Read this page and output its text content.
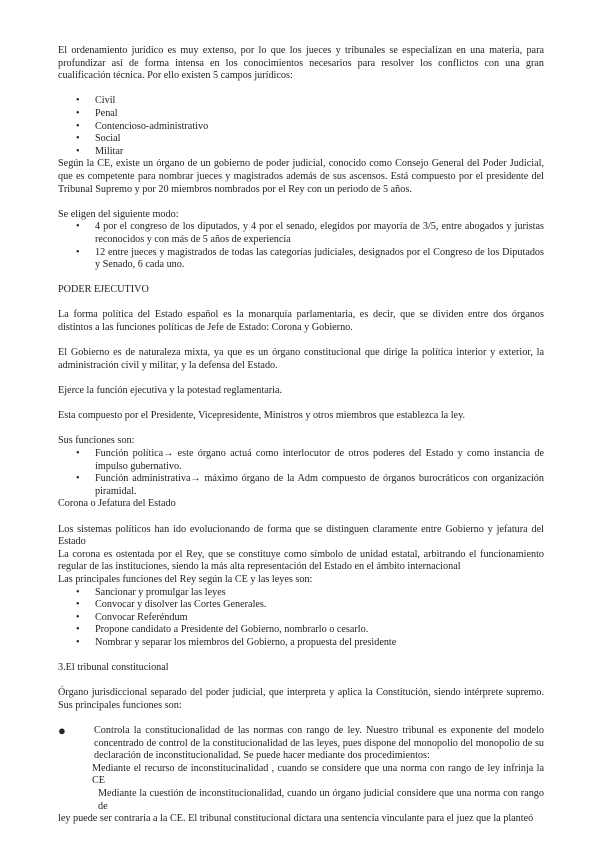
El ordenamiento jurídico es muy extenso, por lo que los jueces y tribunales se especializan en una materia, para profundizar así de forma intensa en los conocimientos necesarios para resolver los conflictos con una gran cualificación técnica. Por ello existen 5 campos jurídicos:

• Civil
• Penal
• Contencioso-administrativo
• Social
• Militar

Según la CE, existe un órgano de un gobierno de poder judicial, conocido como Consejo General del Poder Judicial, que es competente para nombrar jueces y magistrados además de sus ascensos. Está compuesto por el presidente del Tribunal Supremo y por 20 miembros nombrados por el Rey con un periodo de 5 años.

Se eligen del siguiente modo:

• 4 por el congreso de los diputados, y 4 por el senado, elegidos por mayoría de 3/5, entre abogados y juristas reconocidos y con más de 5 años de experiencia
• 12 entre jueces y magistrados de todas las categorías judiciales, designados por el Congreso de los Diputados y Senado, 6 cada uno.

PODER EJECUTIVO

La forma política del Estado español es la monarquía parlamentaria, es decir, que se dividen entre dos órganos distintos a las funciones políticas de Jefe de Estado: Corona y Gobierno.

El Gobierno es de naturaleza mixta, ya que es un órgano constitucional que dirige la política interior y exterior, la administración civil y militar, y la defensa del Estado.

Ejerce la función ejecutiva y la potestad reglamentaria.

Esta compuesto por el Presidente, Vicepresidente, Ministros y otros miembros que establezca la ley.

Sus funciones son:

• Función política→ este órgano actuá como interlocutor de otros poderes del Estado y como instancia de impulso gubernativo.
• Función administrativa→ máximo órgano de la Adm compuesto de órganos burocráticos con organización piramidal.

Corona o Jefatura del Estado

Los sistemas políticos han ido evolucionando de forma que se distinguen claramente entre Gobierno y jefatura del Estado

La corona es ostentada por el Rey, que se constituye como símbolo de unidad estatal, arbitrando el funcionamiento regular de las instituciones, siendo la más alta representación del Estado en el ámbito internacional

Las principales funciones del Rey según la CE y las leyes son:

• Sancionar y promulgar las leyes
• Convocar y disolver las Cortes Generales.
• Convocar Referéndum
• Propone candidato a Presidente del Gobierno, nombrarlo o cesarlo.
• Nombrar y separar los miembros del Gobierno, a propuesta del presidente

3.El tribunal constitucional

Órgano jurisdiccional separado del poder judicial, que interpreta y aplica la Constitución, siendo intérprete supremo. Sus principales funciones son:

●	Controla la constitucionalidad de las normas con rango de ley. Nuestro tribunal es exponente del modelo concentrado de control de la constitucionalidad de las leyes, pues dispone del monopolio del monopolio de su declaración de inconstitucionalidad. Se puede hacer mediante dos procedimientos:

Mediante el recurso de inconstitucinalidad , cuando se considere que una norma con rango de ley infrinja la CE

Mediante la cuestión de inconstitucionalidad, cuando un órgano judicial considere que una norma con rango de

ley puede ser contraria a la CE. El tribunal constitucional dictara una sentencia vinculante para el juez que la planteó
